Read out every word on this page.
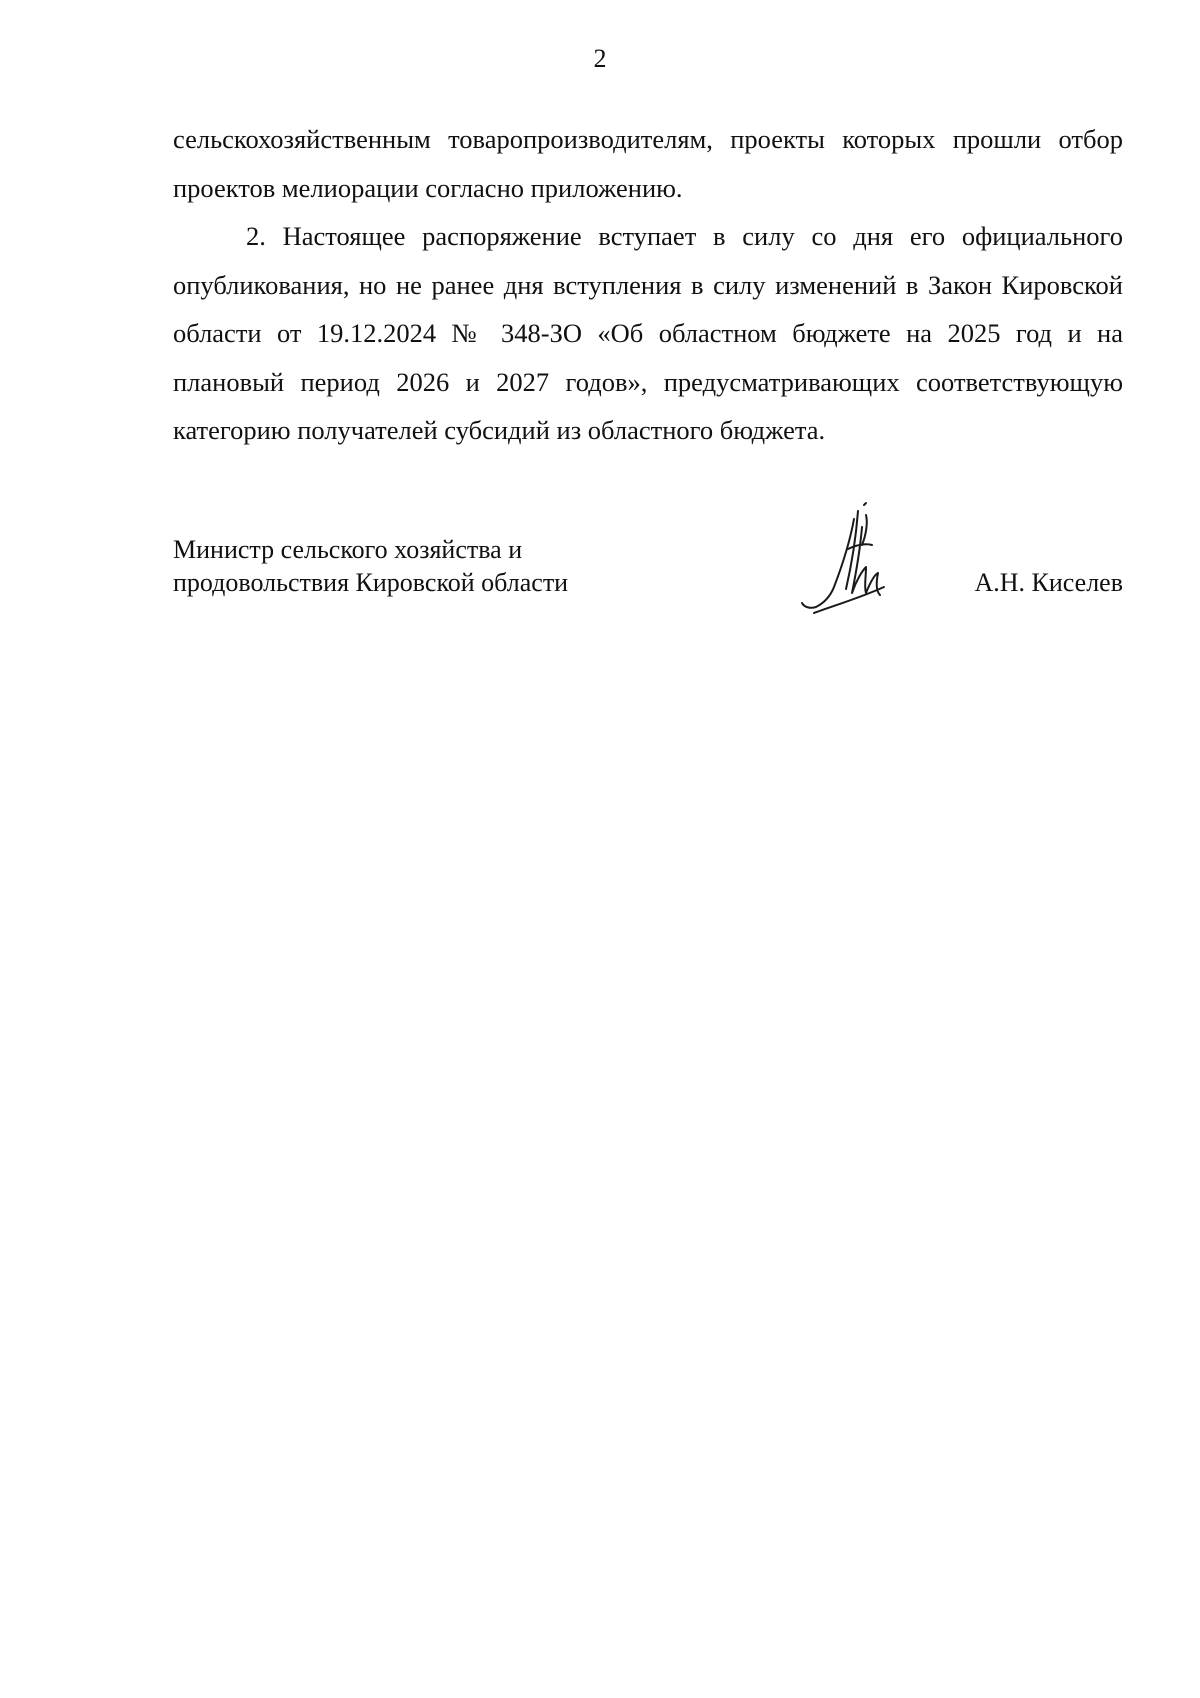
2

сельскохозяйственным товаропроизводителям, проекты которых прошли отбор проектов мелиорации согласно приложению.

2. Настоящее распоряжение вступает в силу со дня его официального опубликования, но не ранее дня вступления в силу изменений в Закон Кировской области от 19.12.2024 № 348-ЗО «Об областном бюджете на 2025 год и на плановый период 2026 и 2027 годов», предусматривающих соответствующую категорию получателей субсидий из областного бюджета.

Министр сельского хозяйства и
продовольствия Кировской области	А.Н. Киселев
